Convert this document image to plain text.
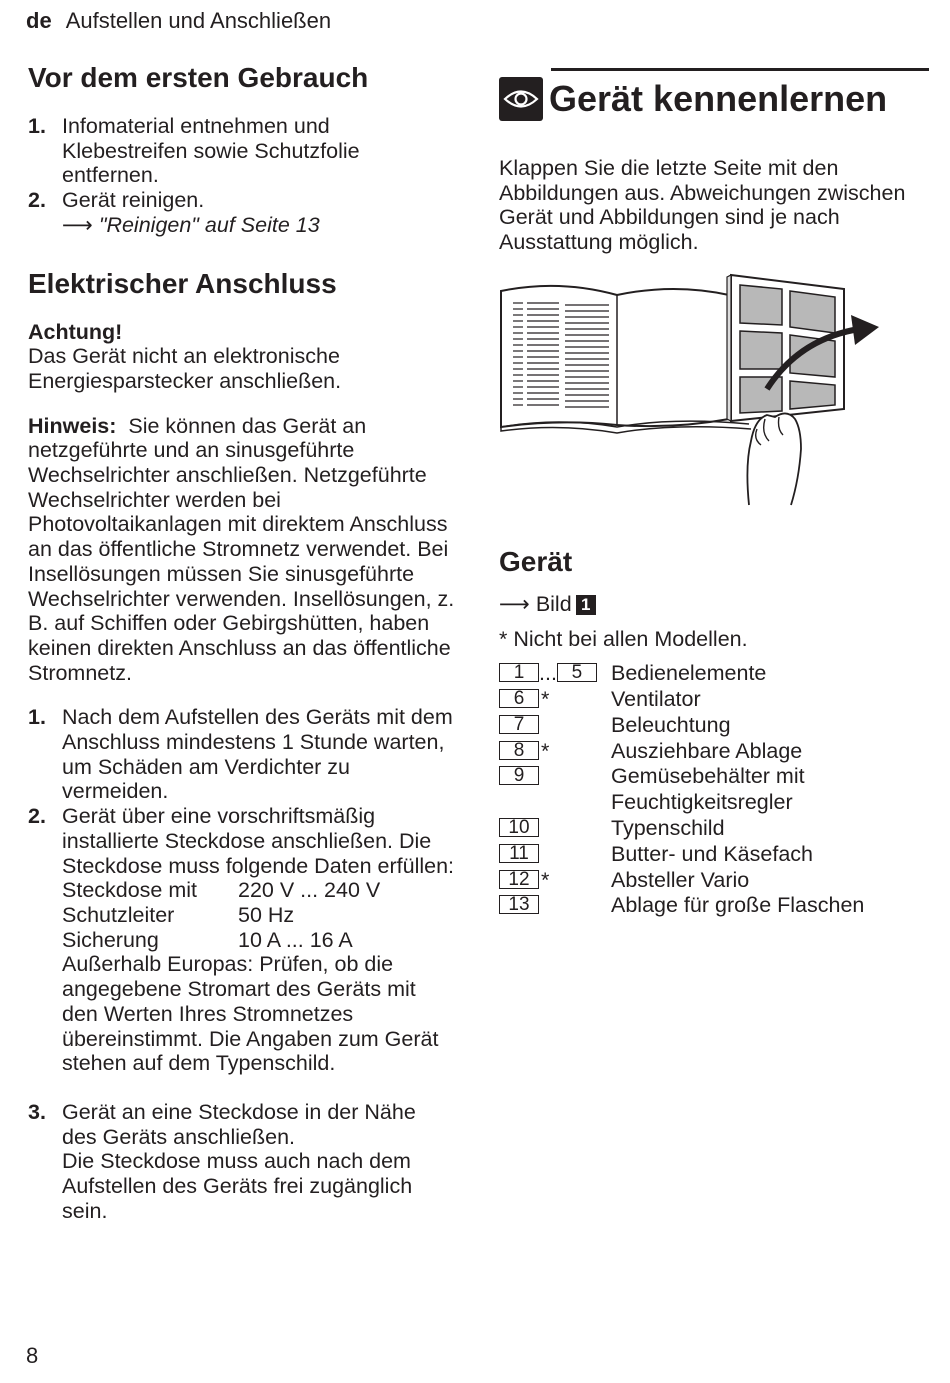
de Aufstellen und Anschließen
Vor dem ersten Gebrauch
1. Infomaterial entnehmen und Klebestreifen sowie Schutzfolie entfernen.
2. Gerät reinigen.
⟶ "Reinigen" auf Seite 13
Elektrischer Anschluss

Achtung!

Das Gerät nicht an elektronische Energiesparstecker anschließen.

Hinweis: Sie können das Gerät an netzgeführte und an sinusgeführte Wechselrichter anschließen. Netzgeführte Wechselrichter werden bei Photovoltaikanlagen mit direktem Anschluss an das öffentliche Stromnetz verwendet. Bei Insellösungen müssen Sie sinusgeführte Wechselrichter verwenden. Insellösungen, z. B. auf Schiffen oder Gebirgshütten, haben keinen direkten Anschluss an das öffentliche Stromnetz.

1. Nach dem Aufstellen des Geräts mit dem Anschluss mindestens 1 Stunde warten, um Schäden am Verdichter zu vermeiden.
2. Gerät über eine vorschriftsmäßig installierte Steckdose anschließen. Die Steckdose muss folgende Daten erfüllen:
Steckdose mit	220 V ... 240 V
Schutzleiter	50 Hz
Sicherung	10 A ... 16 A
Außerhalb Europas: Prüfen, ob die angegebene Stromart des Geräts mit den Werten Ihres Stromnetzes übereinstimmt. Die Angaben zum Gerät stehen auf dem Typenschild.
3. Gerät an eine Steckdose in der Nähe des Geräts anschließen.
Die Steckdose muss auch nach dem Aufstellen des Geräts frei zugänglich sein.
Gerät kennenlernen

Klappen Sie die letzte Seite mit den Abbildungen aus. Abweichungen zwischen Gerät und Abbildungen sind je nach Ausstattung möglich.

Gerät

⟶ Bild 1

* Nicht bei allen Modellen.

1 ... 5	Bedienelemente
6 *	Ventilator
7	Beleuchtung
8 *	Ausziehbare Ablage
9	Gemüsebehälter mit Feuchtigkeitsregler
10	Typenschild
11	Butter- und Käsefach
12 *	Absteller Vario
13	Ablage für große Flaschen
8
